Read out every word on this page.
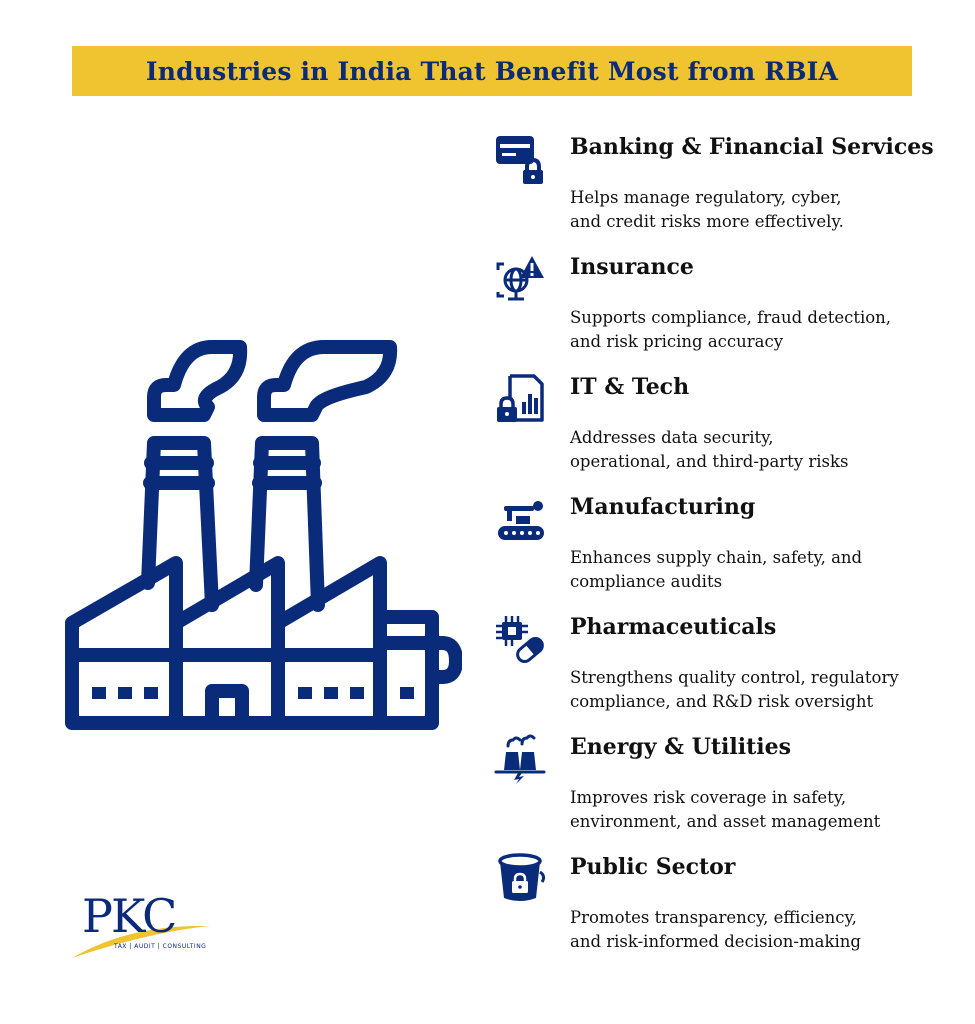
Industries in India That Benefit Most from RBIA
Banking & Financial Services
Helps manage regulatory, cyber,
and credit risks more effectively.
Insurance
Supports compliance, fraud detection,
and risk pricing accuracy
IT & Tech
Addresses data security,
operational, and third-party risks
Manufacturing
Enhances supply chain, safety, and
compliance audits
Pharmaceuticals
Strengthens quality control, regulatory
compliance, and R&D risk oversight
Energy & Utilities
Improves risk coverage in safety,
environment, and asset management
Public Sector
Promotes transparency, efficiency,
and risk-informed decision-making
PKC
TAX | AUDIT | CONSULTING
